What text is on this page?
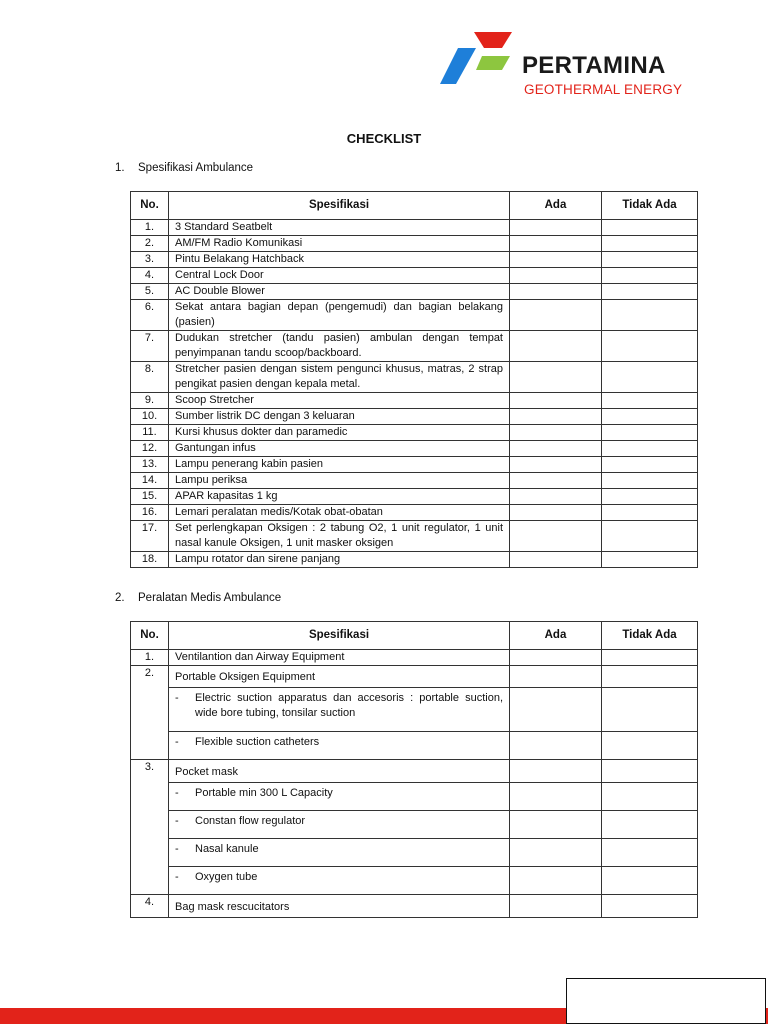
PERTAMINA
GEOTHERMAL ENERGY
CHECKLIST
1. Spesifikasi Ambulance
No.	Spesifikasi	Ada	Tidak Ada
1.	3 Standard Seatbelt		
2.	AM/FM Radio Komunikasi		
3.	Pintu Belakang Hatchback		
4.	Central Lock Door		
5.	AC Double Blower		
6.	Sekat antara bagian depan (pengemudi) dan bagian belakang (pasien)		
7.	Dudukan stretcher (tandu pasien) ambulan dengan tempat penyimpanan tandu scoop/backboard.		
8.	Stretcher pasien dengan sistem pengunci khusus, matras, 2 strap pengikat pasien dengan kepala metal.		
9.	Scoop Stretcher		
10.	Sumber listrik DC dengan 3 keluaran		
11.	Kursi khusus dokter dan paramedic		
12.	Gantungan infus		
13.	Lampu penerang kabin pasien		
14.	Lampu periksa		
15.	APAR kapasitas 1 kg		
16.	Lemari peralatan medis/Kotak obat-obatan		
17.	Set perlengkapan Oksigen : 2 tabung O2, 1 unit regulator, 1 unit nasal kanule Oksigen, 1 unit masker oksigen		
18.	Lampu rotator dan sirene panjang		
2. Peralatan Medis Ambulance
No.	Spesifikasi	Ada	Tidak Ada
1.	Ventilantion dan Airway Equipment		
2.	Portable Oksigen Equipment		

	- Electric suction apparatus dan accesoris : portable suction, wide bore tubing, tonsilar suction		

	- Flexible suction catheters		

3.	Pocket mask		

	- Portable min 300 L Capacity		

	- Constan flow regulator		

	- Nasal kanule		

	- Oxygen tube		

4.	Bag mask rescucitators		
